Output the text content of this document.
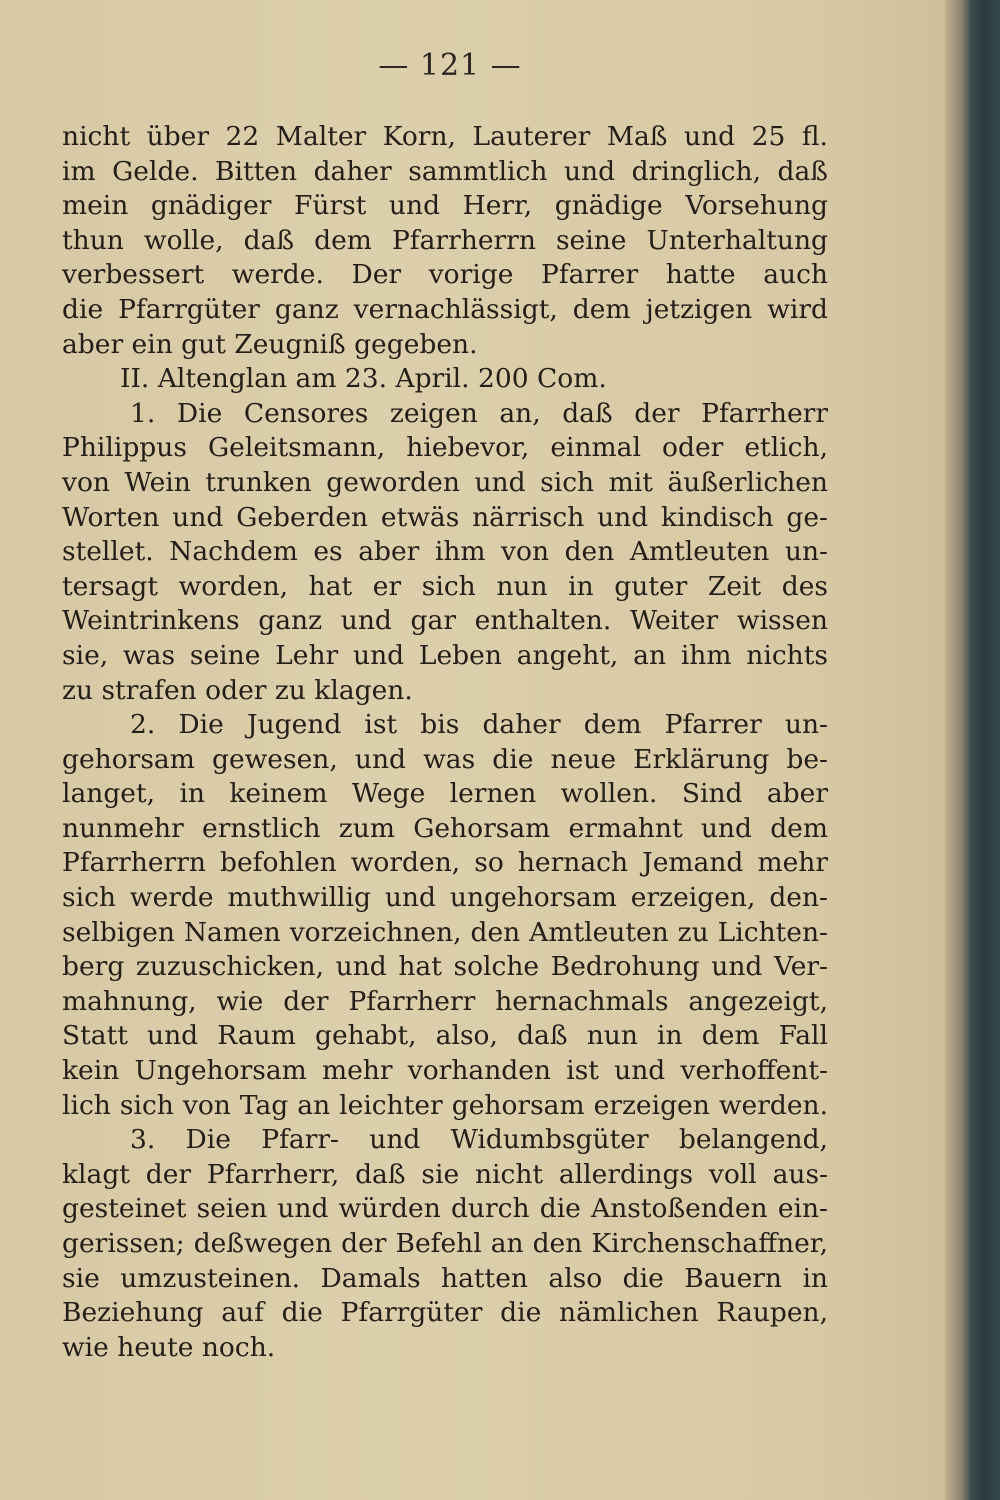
— 121 —
nicht über 22 Malter Korn, Lauterer Maß und 25 fl.
im Gelde. Bitten daher sammtlich und dringlich, daß
mein gnädiger Fürst und Herr, gnädige Vorsehung
thun wolle, daß dem Pfarrherrn seine Unterhaltung
verbessert werde. Der vorige Pfarrer hatte auch
die Pfarrgüter ganz vernachlässigt, dem jetzigen wird
aber ein gut Zeugniß gegeben.
II. Altenglan am 23. April. 200 Com.
1. Die Censores zeigen an, daß der Pfarrherr
Philippus Geleitsmann, hiebevor, einmal oder etlich,
von Wein trunken geworden und sich mit äußerlichen
Worten und Geberden etwäs närrisch und kindisch ge-
stellet. Nachdem es aber ihm von den Amtleuten un-
tersagt worden, hat er sich nun in guter Zeit des
Weintrinkens ganz und gar enthalten. Weiter wissen
sie, was seine Lehr und Leben angeht, an ihm nichts
zu strafen oder zu klagen.
2. Die Jugend ist bis daher dem Pfarrer un-
gehorsam gewesen, und was die neue Erklärung be-
langet, in keinem Wege lernen wollen. Sind aber
nunmehr ernstlich zum Gehorsam ermahnt und dem
Pfarrherrn befohlen worden, so hernach Jemand mehr
sich werde muthwillig und ungehorsam erzeigen, den-
selbigen Namen vorzeichnen, den Amtleuten zu Lichten-
berg zuzuschicken, und hat solche Bedrohung und Ver-
mahnung, wie der Pfarrherr hernachmals angezeigt,
Statt und Raum gehabt, also, daß nun in dem Fall
kein Ungehorsam mehr vorhanden ist und verhoffent-
lich sich von Tag an leichter gehorsam erzeigen werden.
3. Die Pfarr- und Widumbsgüter belangend,
klagt der Pfarrherr, daß sie nicht allerdings voll aus-
gesteinet seien und würden durch die Anstoßenden ein-
gerissen; deßwegen der Befehl an den Kirchenschaffner,
sie umzusteinen. Damals hatten also die Bauern in
Beziehung auf die Pfarrgüter die nämlichen Raupen,
wie heute noch.
